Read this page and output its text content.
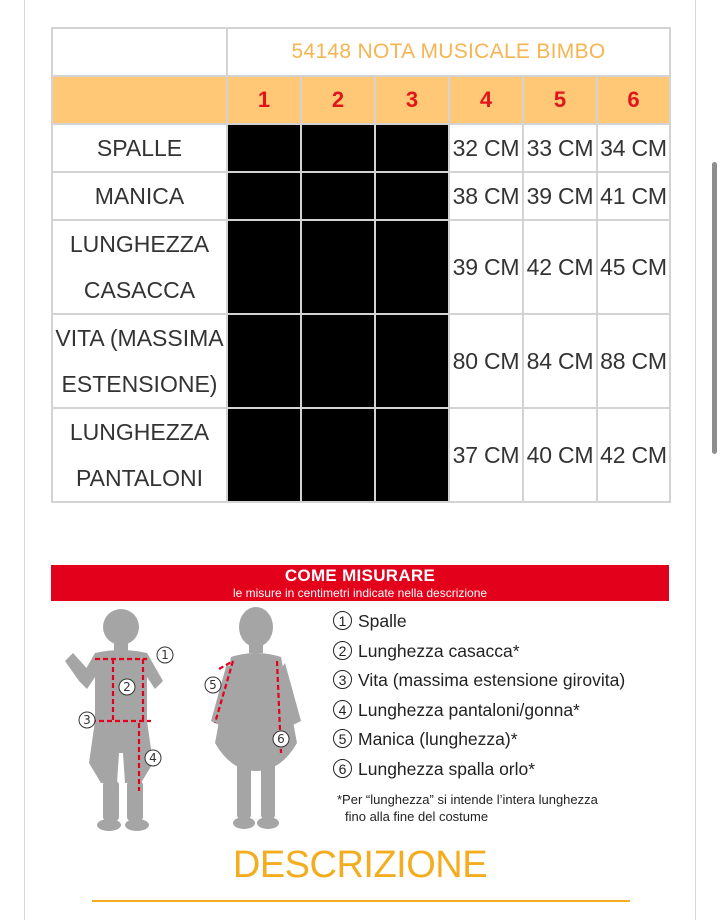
	54148 NOTA MUSICALE BIMBO					
	1	2	3	4	5	6

SPALLE				32 CM	33 CM	34 CM

MANICA				38 CM	39 CM	41 CM

LUNGHEZZA
CASACCA				39 CM	42 CM	45 CM

VITA (MASSIMA
ESTENSIONE)				80 CM	84 CM	88 CM

LUNGHEZZA
PANTALONI				37 CM	40 CM	42 CM
COME MISURARE
le misure in centimetri indicate nella descrizione
1
2
3
4
5
6
1 Spalle
2 Lunghezza casacca*
3 Vita (massima estensione girovita)
4 Lunghezza pantaloni/gonna*
5 Manica (lunghezza)*
6 Lunghezza spalla orlo*
*Per “lunghezza” si intende l’intera lunghezza
fino alla fine del costume
DESCRIZIONE
